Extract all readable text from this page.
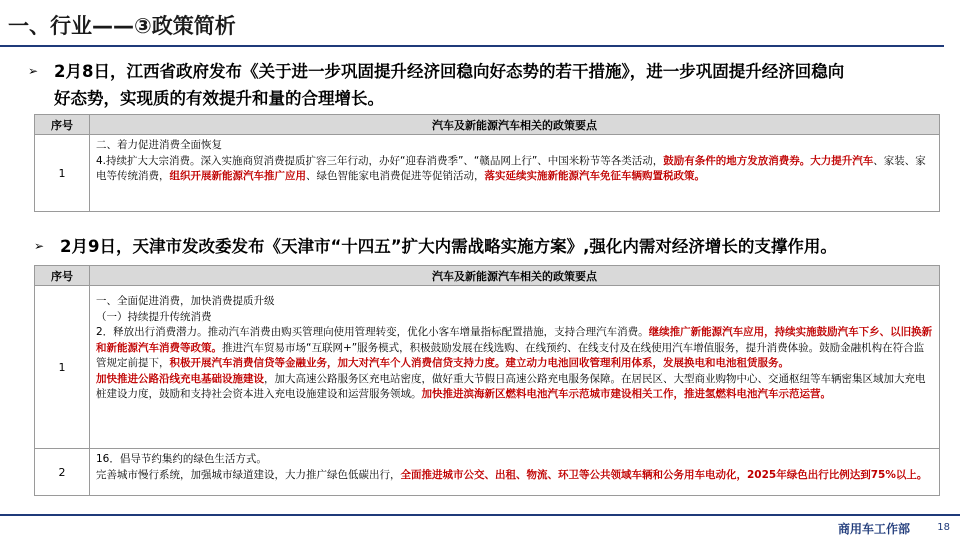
一、行业——③政策简析
➢ 2月8日，江西省政府发布《关于进一步巩固提升经济回稳向好态势的若干措施》，进一步巩固提升经济回稳向
好态势，实现质的有效提升和量的合理增长。
序号	汽车及新能源汽车相关的政策要点
1	二、着力促进消费全面恢复
4.持续扩大大宗消费。深入实施商贸消费提质扩容三年行动，办好“迎春消费季”、“赣品网上行”、中国米粉节等各类活动，鼓励有条件的地方发放消费券。大力提升汽车、家装、家电等传统消费，组织开展新能源汽车推广应用、绿色智能家电消费促进等促销活动，落实延续实施新能源汽车免征车辆购置税政策。
➢ 2月9日，天津市发改委发布《天津市“十四五”扩大内需战略实施方案》,强化内需对经济增长的支撑作用。
序号	汽车及新能源汽车相关的政策要点
1	一、全面促进消费，加快消费提质升级
（一）持续提升传统消费
2．释放出行消费潜力。推动汽车消费由购买管理向使用管理转变，优化小客车增量指标配置措施，支持合理汽车消费。继续推广新能源汽车应用，持续实施鼓励汽车下乡、以旧换新和新能源汽车消费等政策。推进汽车贸易市场“互联网+”服务模式，积极鼓励发展在线选购、在线预约、在线支付及在线使用汽车增值服务，提升消费体验。鼓励金融机构在符合监管规定前提下，积极开展汽车消费信贷等金融业务，加大对汽车个人消费信贷支持力度。建立动力电池回收管理利用体系，发展换电和电池租赁服务。
加快推进公路沿线充电基础设施建设，加大高速公路服务区充电站密度，做好重大节假日高速公路充电服务保障。在居民区、大型商业购物中心、交通枢纽等车辆密集区域加大充电桩建设力度，鼓励和支持社会资本进入充电设施建设和运营服务领域。加快推进滨海新区燃料电池汽车示范城市建设相关工作，推进氢燃料电池汽车示范运营。
2	16．倡导节约集约的绿色生活方式。
完善城市慢行系统，加强城市绿道建设，大力推广绿色低碳出行，全面推进城市公交、出租、物流、环卫等公共领域车辆和公务用车电动化，2025年绿色出行比例达到75%以上。
商用车工作部	18
